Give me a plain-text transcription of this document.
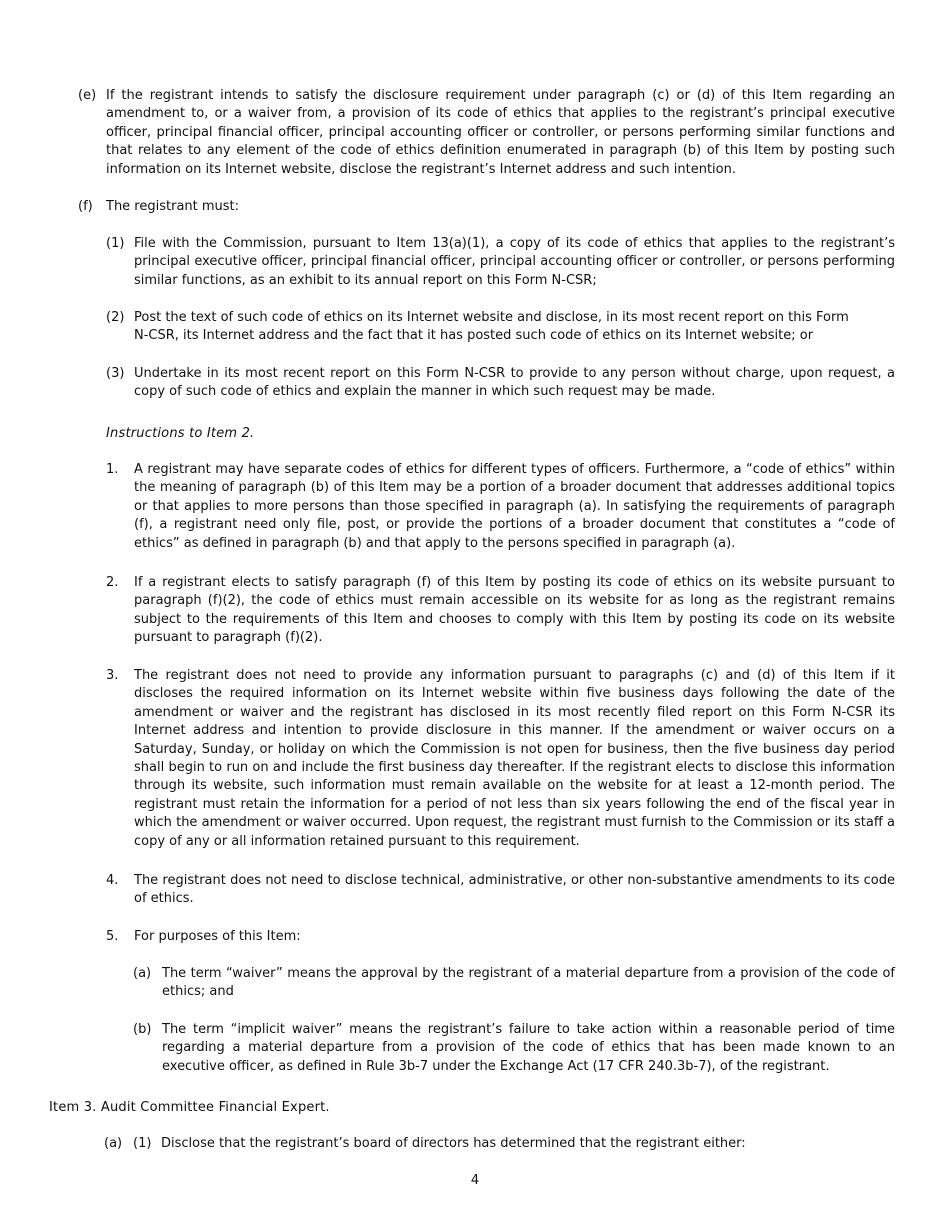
(e) If the registrant intends to satisfy the disclosure requirement under paragraph (c) or (d) of this Item regarding an amendment to, or a waiver from, a provision of its code of ethics that applies to the registrant’s principal executive officer, principal financial officer, principal accounting officer or controller, or persons performing similar functions and that relates to any element of the code of ethics definition enumerated in paragraph (b) of this Item by posting such information on its Internet website, disclose the registrant’s Internet address and such intention.
(f) The registrant must:
(1) File with the Commission, pursuant to Item 13(a)(1), a copy of its code of ethics that applies to the registrant’s principal executive officer, principal financial officer, principal accounting officer or controller, or persons performing similar functions, as an exhibit to its annual report on this Form N-CSR;
(2) Post the text of such code of ethics on its Internet website and disclose, in its most recent report on this Form N-CSR, its Internet address and the fact that it has posted such code of ethics on its Internet website; or
(3) Undertake in its most recent report on this Form N-CSR to provide to any person without charge, upon request, a copy of such code of ethics and explain the manner in which such request may be made.
Instructions to Item 2.
1. A registrant may have separate codes of ethics for different types of officers. Furthermore, a “code of ethics” within the meaning of paragraph (b) of this Item may be a portion of a broader document that addresses additional topics or that applies to more persons than those specified in paragraph (a). In satisfying the requirements of paragraph (f), a registrant need only file, post, or provide the portions of a broader document that constitutes a “code of ethics” as defined in paragraph (b) and that apply to the persons specified in paragraph (a).
2. If a registrant elects to satisfy paragraph (f) of this Item by posting its code of ethics on its website pursuant to paragraph (f)(2), the code of ethics must remain accessible on its website for as long as the registrant remains subject to the requirements of this Item and chooses to comply with this Item by posting its code on its website pursuant to paragraph (f)(2).
3. The registrant does not need to provide any information pursuant to paragraphs (c) and (d) of this Item if it discloses the required information on its Internet website within five business days following the date of the amendment or waiver and the registrant has disclosed in its most recently filed report on this Form N-CSR its Internet address and intention to provide disclosure in this manner. If the amendment or waiver occurs on a Saturday, Sunday, or holiday on which the Commission is not open for business, then the five business day period shall begin to run on and include the first business day thereafter. If the registrant elects to disclose this information through its website, such information must remain available on the website for at least a 12-month period. The registrant must retain the information for a period of not less than six years following the end of the fiscal year in which the amendment or waiver occurred. Upon request, the registrant must furnish to the Commission or its staff a copy of any or all information retained pursuant to this requirement.
4. The registrant does not need to disclose technical, administrative, or other non-substantive amendments to its code of ethics.
5. For purposes of this Item:
(a) The term “waiver” means the approval by the registrant of a material departure from a provision of the code of ethics; and
(b) The term “implicit waiver” means the registrant’s failure to take action within a reasonable period of time regarding a material departure from a provision of the code of ethics that has been made known to an executive officer, as defined in Rule 3b-7 under the Exchange Act (17 CFR 240.3b-7), of the registrant.
Item 3. Audit Committee Financial Expert.
(a) (1) Disclose that the registrant’s board of directors has determined that the registrant either:
4
